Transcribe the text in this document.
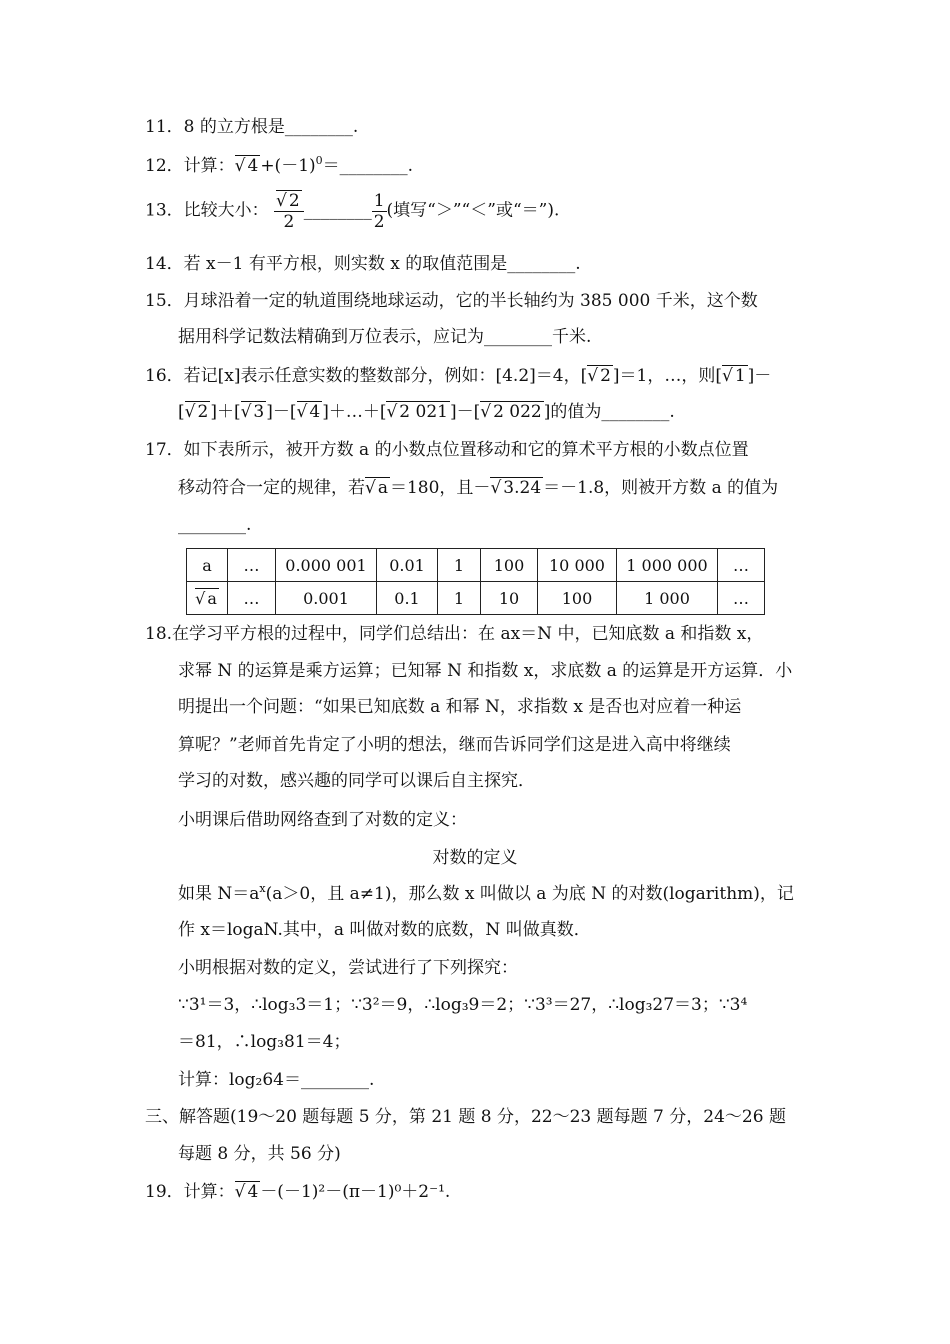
11．8 的立方根是________.
12．计算： √ $4 +(-1)^0=\_\_\_\_\_\_\_\_$.
13．比较大小： √ $\frac{2}{2}$ ________ $\frac{1}{2}$ (填写“＞”“＜”或“＝”).
14．若 x－1 有平方根，则实数 x 的取值范围是________.
15．月球沿着一定的轨道围绕地球运动，它的半长轴约为 385 000 千米，这个数
据用科学记数法精确到万位表示，应记为________千米.
16．若记[x]表示任意实数的整数部分，例如：[4.2]＝4，[ √ 2 ]＝1，…，则[ √ 1 ]－
[ √ 2 ]＋[ √ 3 ]－[ √ 4 ]＋…＋[ √ 2 021 ]－[ √ 2 022 ]的值为________.
17．如下表所示，被开方数 a 的小数点位置移动和它的算术平方根的小数点位置
移动符合一定的规律，若 √ a ＝180，且－ √ 3.24 ＝－1.8，则被开方数 a 的值为
________.
a	…	0.000 001	0.01	1	100	10 000	1 000 000	…
√ a	…	0.001	0.1	1	10	100	1 000	…
18.在学习平方根的过程中，同学们总结出：在 ax＝N 中，已知底数 a 和指数 x，
求幂 N 的运算是乘方运算；已知幂 N 和指数 x，求底数 a 的运算是开方运算．小
明提出一个问题：“如果已知底数 a 和幂 N，求指数 x 是否也对应着一种运
算呢？”老师首先肯定了小明的想法，继而告诉同学们这是进入高中将继续
学习的对数，感兴趣的同学可以课后自主探究．
小明课后借助网络查到了对数的定义：
对数的定义
如果 $N=a^x(a>0$，且 a≠1)，那么数 x 叫做以 a 为底 N 的对数(logarithm)，记
作 x＝logaN.其中，a 叫做对数的底数，N 叫做真数．
小明根据对数的定义，尝试进行了下列探究：
∵3¹＝3，∴log₃3＝1；∵3²＝9，∴log₃9＝2；∵3³＝27，∴log₃27＝3；∵3⁴
＝81，∴log₃81＝4；
计算：log₂64＝________.
三、解答题(19～20 题每题 5 分，第 21 题 8 分，22～23 题每题 7 分，24～26 题
每题 8 分，共 56 分)
19．计算： √ 4 －(－1)²－(π－1)⁰＋2⁻¹.
